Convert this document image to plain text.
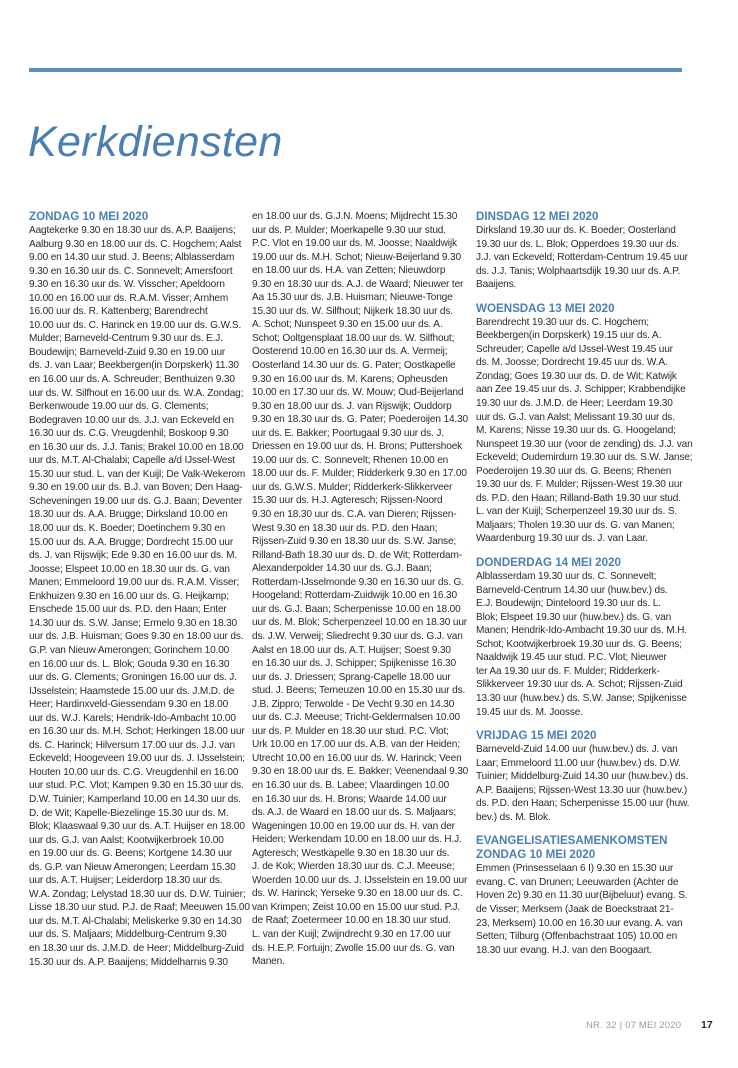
Kerkdiensten
ZONDAG 10 MEI 2020
Aagtekerke 9.30 en 18.30 uur ds. A.P. Baaijens;
Aalburg 9.30 en 18.00 uur ds. C. Hogchem; Aalst
9.00 en 14.30 uur stud. J. Beens; Alblasserdam
9.30 en 16.30 uur ds. C. Sonnevelt; Amersfoort
9.30 en 16.30 uur ds. W. Visscher; Apeldoorn
10.00 en 16.00 uur ds. R.A.M. Visser; Arnhem
16.00 uur ds. R. Kattenberg; Barendrecht
10.00 uur ds. C. Harinck en 19.00 uur ds. G.W.S.
Mulder; Barneveld-Centrum 9.30 uur ds. E.J.
Boudewijn; Barneveld-Zuid 9.30 en 19.00 uur
ds. J. van Laar; Beekbergen(in Dorpskerk) 11.30
en 16.00 uur ds. A. Schreuder; Benthuizen 9.30
uur ds. W. Silfhout en 16.00 uur ds. W.A. Zondag;
Berkenwoude 19.00 uur ds. G. Clements;
Bodegraven 10.00 uur ds. J.J. van Eckeveld en
16.30 uur ds. C.G. Vreugdenhil; Boskoop 9.30
en 16.30 uur ds. J.J. Tanis; Brakel 10.00 en 18.00
uur ds. M.T. Al-Chalabi; Capelle a/d IJssel-West
15.30 uur stud. L. van der Kuijl; De Valk-Wekerom
9.30 en 19.00 uur ds. B.J. van Boven; Den Haag-
Scheveningen 19.00 uur ds. G.J. Baan; Deventer
18.30 uur ds. A.A. Brugge; Dirksland 10.00 en
18.00 uur ds. K. Boeder; Doetinchem 9.30 en
15.00 uur ds. A.A. Brugge; Dordrecht 15.00 uur
ds. J. van Rijswijk; Ede 9.30 en 16.00 uur ds. M.
Joosse; Elspeet 10.00 en 18.30 uur ds. G. van
Manen; Emmeloord 19.00 uur ds. R.A.M. Visser;
Enkhuizen 9.30 en 16.00 uur ds. G. Heijkamp;
Enschede 15.00 uur ds. P.D. den Haan; Enter
14.30 uur ds. S.W. Janse; Ermelo 9.30 en 18.30
uur ds. J.B. Huisman; Goes 9.30 en 18.00 uur ds.
G.P. van Nieuw Amerongen; Gorinchem 10.00
en 16.00 uur ds. L. Blok; Gouda 9.30 en 16.30
uur ds. G. Clements; Groningen 16.00 uur ds. J.
IJsselstein; Haamstede 15.00 uur ds. J.M.D. de
Heer; Hardinxveld-Giessendam 9.30 en 18.00
uur ds. W.J. Karels; Hendrik-Ido-Ambacht 10.00
en 16.30 uur ds. M.H. Schot; Herkingen 18.00 uur
ds. C. Harinck; Hilversum 17.00 uur ds. J.J. van
Eckeveld; Hoogeveen 19.00 uur ds. J. IJsselstein;
Houten 10.00 uur ds. C.G. Vreugdenhil en 16.00
uur stud. P.C. Vlot; Kampen 9.30 en 15.30 uur ds.
D.W. Tuinier; Kamperland 10.00 en 14.30 uur ds.
D. de Wit; Kapelle-Biezelinge 15.30 uur ds. M.
Blok; Klaaswaal 9.30 uur ds. A.T. Huijser en 18.00
uur ds. G.J. van Aalst; Kootwijkerbroek 10.00
en 19.00 uur ds. G. Beens; Kortgene 14.30 uur
ds. G.P. van Nieuw Amerongen; Leerdam 15.30
uur ds. A.T. Huijser; Leiderdorp 18.30 uur ds.
W.A. Zondag; Lelystad 18.30 uur ds. D.W. Tuinier;
Lisse 18.30 uur stud. P.J. de Raaf; Meeuwen 15.00
uur ds. M.T. Al-Chalabi; Meliskerke 9.30 en 14.30
uur ds. S. Maljaars; Middelburg-Centrum 9.30
en 18.30 uur ds. J.M.D. de Heer; Middelburg-Zuid
15.30 uur ds. A.P. Baaijens; Middelharnis 9.30
en 18.00 uur ds. G.J.N. Moens; Mijdrecht 15.30
uur ds. P. Mulder; Moerkapelle 9.30 uur stud.
P.C. Vlot en 19.00 uur ds. M. Joosse; Naaldwijk
19.00 uur ds. M.H. Schot; Nieuw-Beijerland 9.30
en 18.00 uur ds. H.A. van Zetten; Nieuwdorp
9.30 en 18.30 uur ds. A.J. de Waard; Nieuwer ter
Aa 15.30 uur ds. J.B. Huisman; Nieuwe-Tonge
15.30 uur ds. W. Silfhout; Nijkerk 18.30 uur ds.
A. Schot; Nunspeet 9.30 en 15.00 uur ds. A.
Schot; Ooltgensplaat 18.00 uur ds. W. Silfhout;
Oosterend 10.00 en 16.30 uur ds. A. Vermeij;
Oosterland 14.30 uur ds. G. Pater; Oostkapelle
9.30 en 16.00 uur ds. M. Karens; Opheusden
10.00 en 17.30 uur ds. W. Mouw; Oud-Beijerland
9.30 en 18.00 uur ds. J. van Rijswijk; Ouddorp
9.30 en 18.30 uur ds. G. Pater; Poederoijen 14.30
uur ds. E. Bakker; Poortugaal 9.30 uur ds. J.
Driessen en 19.00 uur ds. H. Brons; Puttershoek
19.00 uur ds. C. Sonnevelt; Rhenen 10.00 en
18.00 uur ds. F. Mulder; Ridderkerk 9.30 en 17.00
uur ds. G.W.S. Mulder; Ridderkerk-Slikkerveer
15.30 uur ds. H.J. Agteresch; Rijssen-Noord
9.30 en 18.30 uur ds. C.A. van Dieren; Rijssen-
West 9.30 en 18.30 uur ds. P.D. den Haan;
Rijssen-Zuid 9.30 en 18.30 uur ds. S.W. Janse;
Rilland-Bath 18.30 uur ds. D. de Wit; Rotterdam-
Alexanderpolder 14.30 uur ds. G.J. Baan;
Rotterdam-IJsselmonde 9.30 en 16.30 uur ds. G.
Hoogeland; Rotterdam-Zuidwijk 10.00 en 16.30
uur ds. G.J. Baan; Scherpenisse 10.00 en 18.00
uur ds. M. Blok; Scherpenzeel 10.00 en 18.30 uur
ds. J.W. Verweij; Sliedrecht 9.30 uur ds. G.J. van
Aalst en 18.00 uur ds. A.T. Huijser; Soest 9.30
en 16.30 uur ds. J. Schipper; Spijkenisse 16.30
uur ds. J. Driessen; Sprang-Capelle 18.00 uur
stud. J. Beens; Terneuzen 10.00 en 15.30 uur ds.
J.B. Zippro; Terwolde - De Vecht 9.30 en 14.30
uur ds. C.J. Meeuse; Tricht-Geldermalsen 10.00
uur ds. P. Mulder en 18.30 uur stud. P.C. Vlot;
Urk 10.00 en 17.00 uur ds. A.B. van der Heiden;
Utrecht 10.00 en 16.00 uur ds. W. Harinck; Veen
9.30 en 18.00 uur ds. E. Bakker; Veenendaal 9.30
en 16.30 uur ds. B. Labee; Vlaardingen 10.00
en 16.30 uur ds. H. Brons; Waarde 14.00 uur
ds. A.J. de Waard en 18.00 uur ds. S. Maljaars;
Wageningen 10.00 en 19.00 uur ds. H. van der
Heiden; Werkendam 10.00 en 18.00 uur ds. H.J.
Agteresch; Westkapelle 9.30 en 18.30 uur ds.
J. de Kok; Wierden 18.30 uur ds. C.J. Meeuse;
Woerden 10.00 uur ds. J. IJsselstein en 19.00 uur
ds. W. Harinck; Yerseke 9.30 en 18.00 uur ds. C.
van Krimpen; Zeist 10.00 en 15.00 uur stud. P.J.
de Raaf; Zoetermeer 10.00 en 18.30 uur stud.
L. van der Kuijl; Zwijndrecht 9.30 en 17.00 uur
ds. H.E.P. Fortuijn; Zwolle 15.00 uur ds. G. van
Manen.
DINSDAG 12 MEI 2020
Dirksland 19.30 uur ds. K. Boeder; Oosterland
19.30 uur ds. L. Blok; Opperdoes 19.30 uur ds.
J.J. van Eckeveld; Rotterdam-Centrum 19.45 uur
ds. J.J. Tanis; Wolphaartsdijk 19.30 uur ds. A.P.
Baaijens.
WOENSDAG 13 MEI 2020
Barendrecht 19.30 uur ds. C. Hogchem;
Beekbergen(in Dorpskerk) 19.15 uur ds. A.
Schreuder; Capelle a/d IJssel-West 19.45 uur
ds. M. Joosse; Dordrecht 19.45 uur ds. W.A.
Zondag; Goes 19.30 uur ds. D. de Wit; Katwijk
aan Zee 19.45 uur ds. J. Schipper; Krabbendijke
19.30 uur ds. J.M.D. de Heer; Leerdam 19.30
uur ds. G.J. van Aalst; Melissant 19.30 uur ds.
M. Karens; Nisse 19.30 uur ds. G. Hoogeland;
Nunspeet 19.30 uur (voor de zending) ds. J.J. van
Eckeveld; Oudemirdum 19.30 uur ds. S.W. Janse;
Poederoijen 19.30 uur ds. G. Beens; Rhenen
19.30 uur ds. F. Mulder; Rijssen-West 19.30 uur
ds. P.D. den Haan; Rilland-Bath 19.30 uur stud.
L. van der Kuijl; Scherpenzeel 19.30 uur ds. S.
Maljaars; Tholen 19.30 uur ds. G. van Manen;
Waardenburg 19.30 uur ds. J. van Laar.
DONDERDAG 14 MEI 2020
Alblasserdam 19.30 uur ds. C. Sonnevelt;
Barneveld-Centrum 14.30 uur (huw.bev.) ds.
E.J. Boudewijn; Dinteloord 19.30 uur ds. L.
Blok; Elspeet 19.30 uur (huw.bev.) ds. G. van
Manen; Hendrik-Ido-Ambacht 19.30 uur ds. M.H.
Schot; Kootwijkerbroek 19.30 uur ds. G. Beens;
Naaldwijk 19.45 uur stud. P.C. Vlot; Nieuwer
ter Aa 19.30 uur ds. F. Mulder; Ridderkerk-
Slikkerveer 19.30 uur ds. A. Schot; Rijssen-Zuid
13.30 uur (huw.bev.) ds. S.W. Janse; Spijkenisse
19.45 uur ds. M. Joosse.
VRIJDAG 15 MEI 2020
Barneveld-Zuid 14.00 uur (huw.bev.) ds. J. van
Laar; Emmeloord 11.00 uur (huw.bev.) ds. D.W.
Tuinier; Middelburg-Zuid 14.30 uur (huw.bev.) ds.
A.P. Baaijens; Rijssen-West 13.30 uur (huw.bev.)
ds. P.D. den Haan; Scherpenisse 15.00 uur (huw.
bev.) ds. M. Blok.
EVANGELISATIESAMENKOMSTEN
ZONDAG 10 MEI 2020
Emmen (Prinsesselaan 6 I) 9.30 en 15.30 uur
evang. C. van Drunen; Leeuwarden (Achter de
Hoven 2c) 9.30 en 11.30 uur(Bijbeluur) evang. S.
de Visser; Merksem (Jaak de Boeckstraat 21-
23, Merksem) 10.00 en 16.30 uur evang. A. van
Setten; Tilburg (Offenbachstraat 105) 10.00 en
18.30 uur evang. H.J. van den Boogaart.
NR. 32 | 07 MEI 2020 17
